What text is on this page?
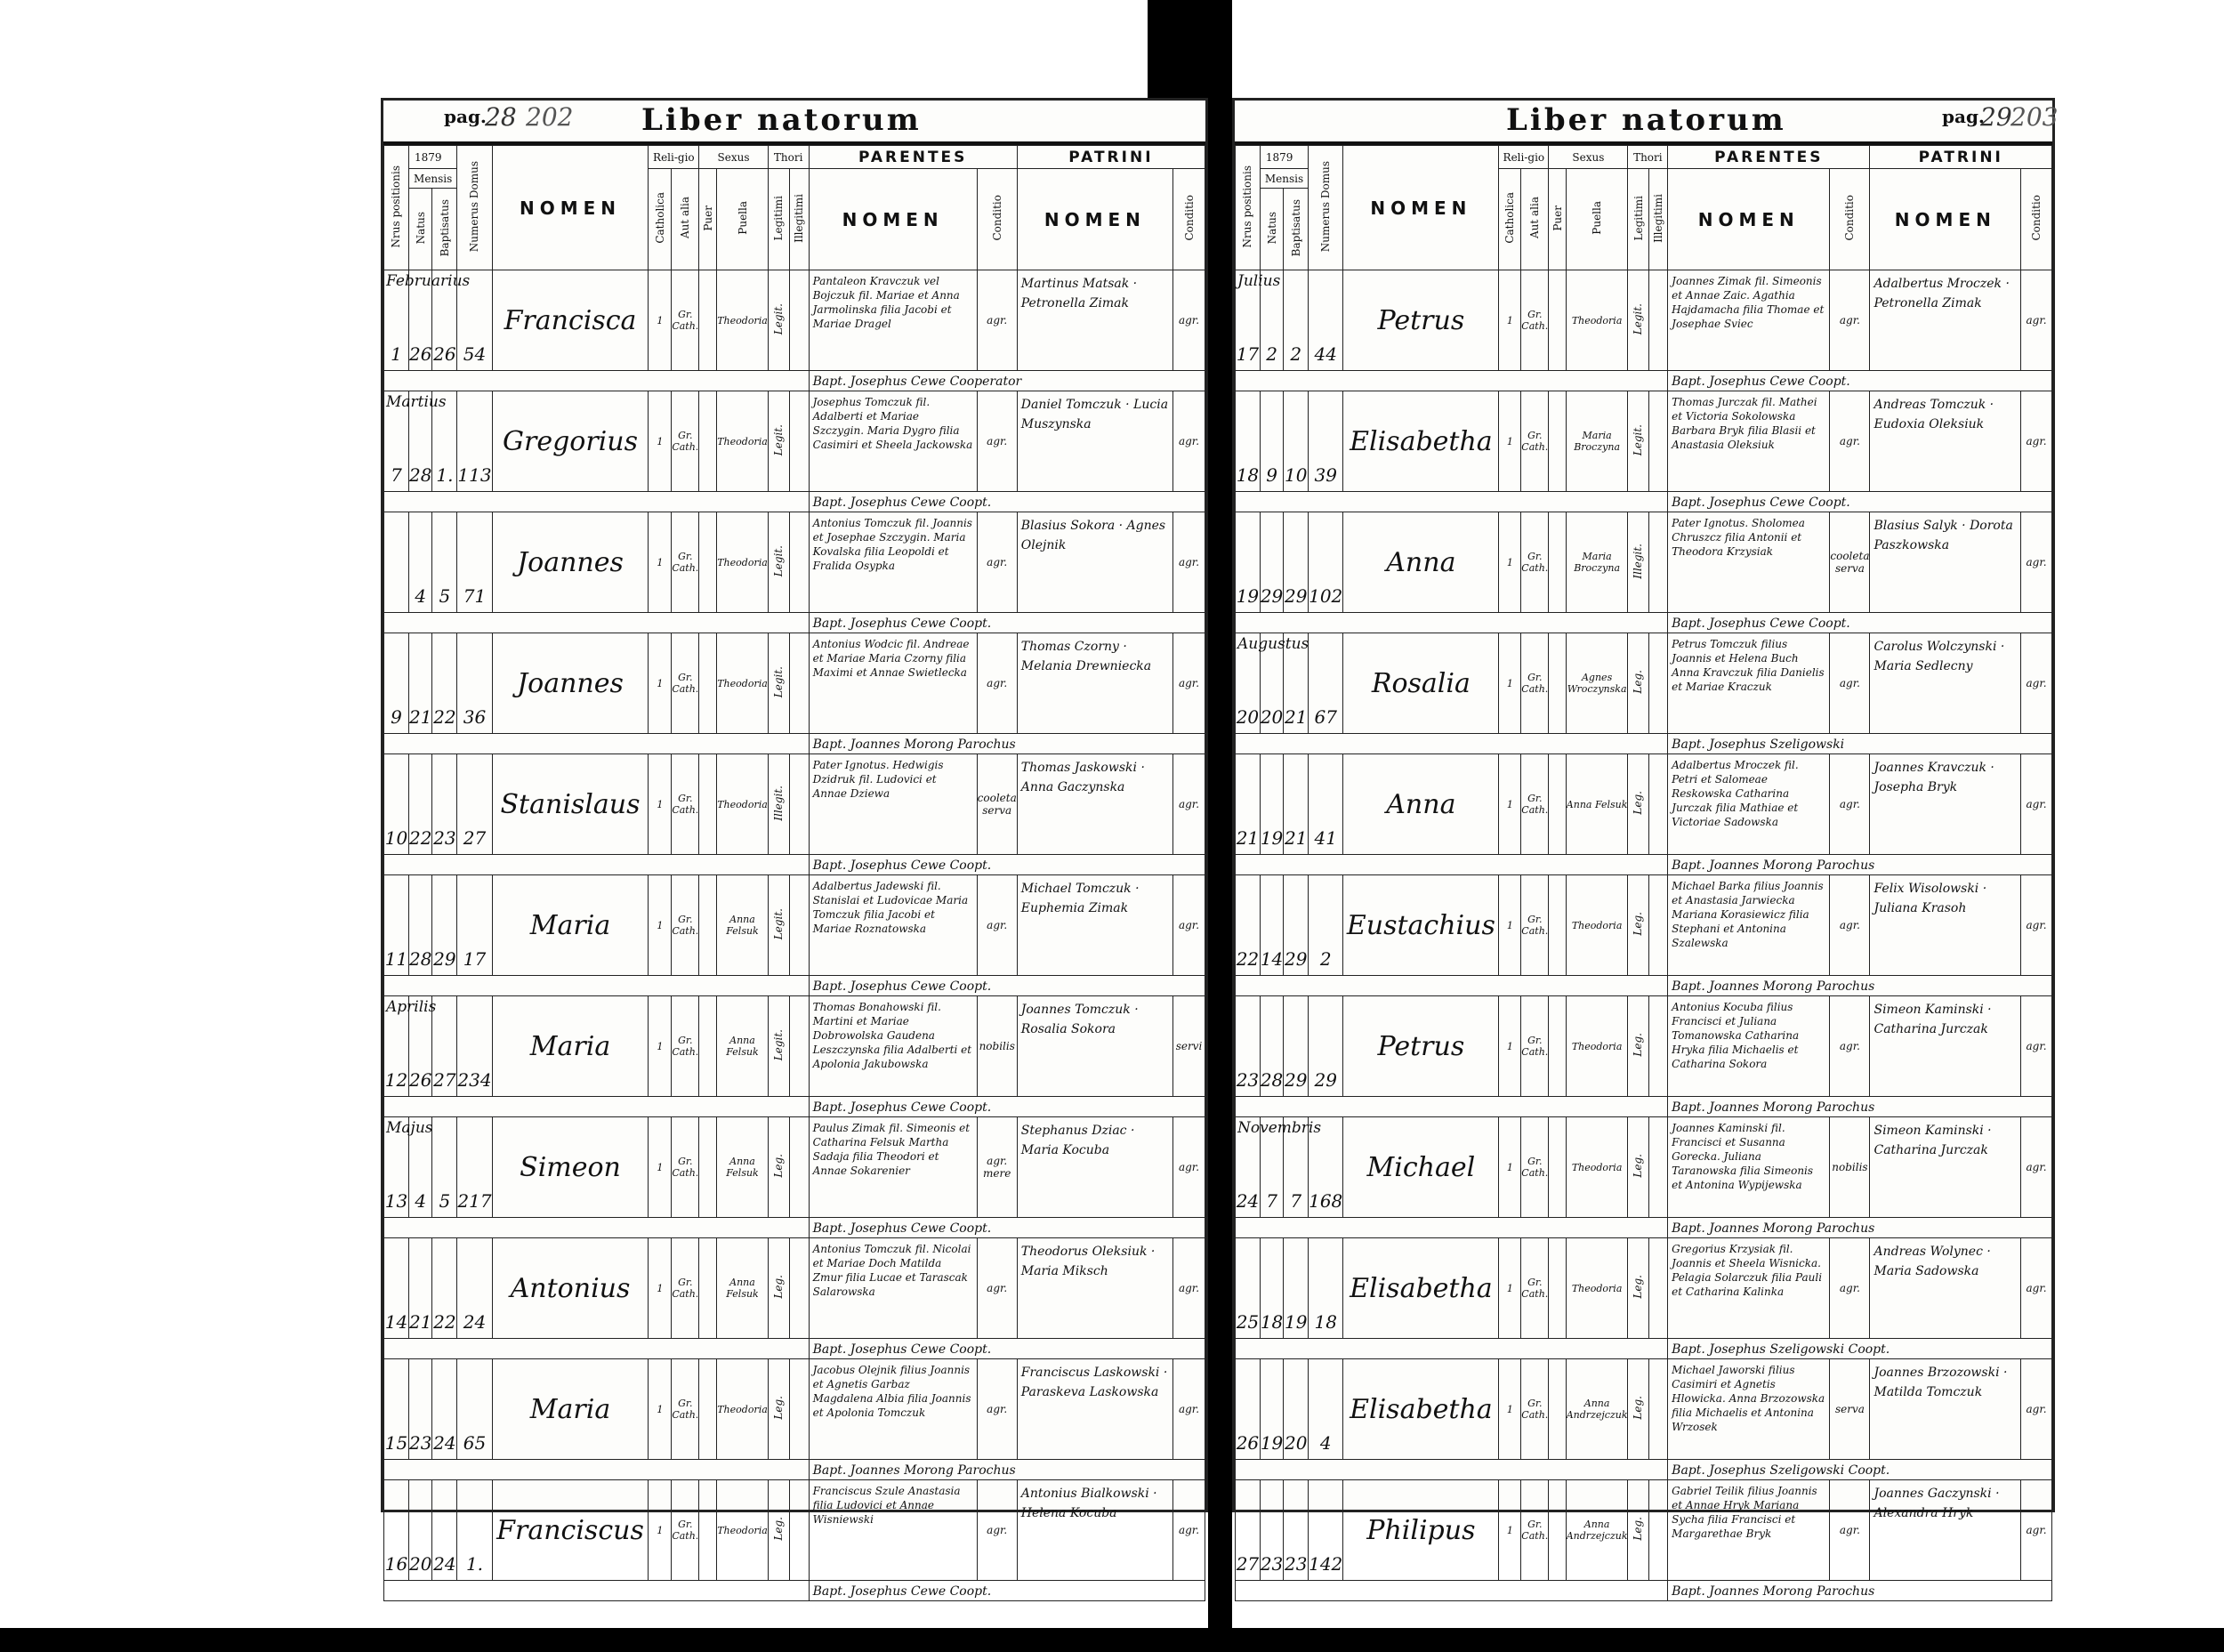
pag.
28 202 Liber natorum
Nrus positionis	1879		Numerus Domus	NOMEN	Reli-gio		Sexus		Thori		PARENTES		PATRINI	
	Mensis				Catholica	Aut alia	Puer	Puella	Legitimi	Illegitimi	NOMEN	Conditio	NOMEN	Conditio
	Natus	Baptisatus												

Februarius
1	26	26	54	Francisca	1	Gr. Cath.		Theodoria	Legit.		Pantaleon Kravczuk vel Bojczuk fil. Mariae et Anna Jarmolinska filia Jacobi et Mariae Dragel	agr.	Martinus Matsak · Petronella Zimak	agr.
											Bapt. Josephus Cewe Cooperator			

Martius
7	28	1.	113	Gregorius	1	Gr. Cath.		Theodoria	Legit.		Josephus Tomczuk fil. Adalberti et Mariae Szczygin. Maria Dygro filia Casimiri et Sheela Jackowska	agr.	Daniel Tomczuk · Lucia Muszynska	agr.
											Bapt. Josephus Cewe Coopt.			

	4	5	71	Joannes	1	Gr. Cath.		Theodoria	Legit.		Antonius Tomczuk fil. Joannis et Josephae Szczygin. Maria Kovalska filia Leopoldi et Fralida Osypka	agr.	Blasius Sokora · Agnes Olejnik	agr.
											Bapt. Josephus Cewe Coopt.			

9	21	22	36	Joannes	1	Gr. Cath.		Theodoria	Legit.		Antonius Wodcic fil. Andreae et Mariae Maria Czorny filia Maximi et Annae Swietlecka	agr.	Thomas Czorny · Melania Drewniecka	agr.
											Bapt. Joannes Morong Parochus			

10	22	23	27	Stanislaus	1	Gr. Cath.		Theodoria	Illegit.		Pater Ignotus. Hedwigis Dzidruk fil. Ludovici et Annae Dziewa	cooleta serva	Thomas Jaskowski · Anna Gaczynska	agr.
											Bapt. Josephus Cewe Coopt.			

11	28	29	17	Maria	1	Gr. Cath.		Anna Felsuk	Legit.		Adalbertus Jadewski fil. Stanislai et Ludovicae Maria Tomczuk filia Jacobi et Mariae Roznatowska	agr.	Michael Tomczuk · Euphemia Zimak	agr.
											Bapt. Josephus Cewe Coopt.			

Aprilis
12	26	27	234	Maria	1	Gr. Cath.		Anna Felsuk	Legit.		Thomas Bonahowski fil. Martini et Mariae Dobrowolska Gaudena Leszczynska filia Adalberti et Apolonia Jakubowska	nobilis	Joannes Tomczuk · Rosalia Sokora	servi
											Bapt. Josephus Cewe Coopt.			

Majus
13	4	5	217	Simeon	1	Gr. Cath.		Anna Felsuk	Leg.		Paulus Zimak fil. Simeonis et Catharina Felsuk Martha Sadaja filia Theodori et Annae Sokarenier	agr. mere	Stephanus Dziac · Maria Kocuba	agr.
											Bapt. Josephus Cewe Coopt.			

14	21	22	24	Antonius	1	Gr. Cath.		Anna Felsuk	Leg.		Antonius Tomczuk fil. Nicolai et Mariae Doch Matilda Zmur filia Lucae et Tarascak Salarowska	agr.	Theodorus Oleksiuk · Maria Miksch	agr.
											Bapt. Josephus Cewe Coopt.			

15	23	24	65	Maria	1	Gr. Cath.		Theodoria	Leg.		Jacobus Olejnik filius Joannis et Agnetis Garbaz Magdalena Albia filia Joannis et Apolonia Tomczuk	agr.	Franciscus Laskowski · Paraskeva Laskowska	agr.
											Bapt. Joannes Morong Parochus			

16	20	24	1.	Franciscus	1	Gr. Cath.		Theodoria	Leg.		Franciscus Szule Anastasia filia Ludovici et Annae Wisniewski	agr.	Antonius Bialkowski · Helena Kocuba	agr.
											Bapt. Josephus Cewe Coopt.			
Liber natorum	pag.
29
203
Nrus positionis	1879		Numerus Domus	NOMEN	Reli-gio		Sexus		Thori		PARENTES		PATRINI	
	Mensis				Catholica	Aut alia	Puer	Puella	Legitimi	Illegitimi	NOMEN	Conditio	NOMEN	Conditio
	Natus	Baptisatus												

Julius
17	2	2	44	Petrus	1	Gr. Cath.		Theodoria	Legit.		Joannes Zimak fil. Simeonis et Annae Zaic. Agathia Hajdamacha filia Thomae et Josephae Sviec	agr.	Adalbertus Mroczek · Petronella Zimak	agr.
											Bapt. Josephus Cewe Coopt.			

18	9	10	39	Elisabetha	1	Gr. Cath.		Maria Broczyna	Legit.		Thomas Jurczak fil. Mathei et Victoria Sokolowska Barbara Bryk filia Blasii et Anastasia Oleksiuk	agr.	Andreas Tomczuk · Eudoxia Oleksiuk	agr.
											Bapt. Josephus Cewe Coopt.			

19	29	29	102	Anna	1	Gr. Cath.		Maria Broczyna	Illegit.		Pater Ignotus. Sholomea Chruszcz filia Antonii et Theodora Krzysiak	cooleta serva	Blasius Salyk · Dorota Paszkowska	agr.
											Bapt. Josephus Cewe Coopt.			

Augustus
20	20	21	67	Rosalia	1	Gr. Cath.		Agnes Wroczynska	Leg.		Petrus Tomczuk filius Joannis et Helena Buch Anna Kravczuk filia Danielis et Mariae Kraczuk	agr.	Carolus Wolczynski · Maria Sedlecny	agr.
											Bapt. Josephus Szeligowski			

21	19	21	41	Anna	1	Gr. Cath.		Anna Felsuk	Leg.		Adalbertus Mroczek fil. Petri et Salomeae Reskowska Catharina Jurczak filia Mathiae et Victoriae Sadowska	agr.	Joannes Kravczuk · Josepha Bryk	agr.
											Bapt. Joannes Morong Parochus			

22	14	29	2	Eustachius	1	Gr. Cath.		Theodoria	Leg.		Michael Barka filius Joannis et Anastasia Jarwiecka Mariana Korasiewicz filia Stephani et Antonina Szalewska	agr.	Felix Wisolowski · Juliana Krasoh	agr.
											Bapt. Joannes Morong Parochus			

23	28	29	29	Petrus	1	Gr. Cath.		Theodoria	Leg.		Antonius Kocuba filius Francisci et Juliana Tomanowska Catharina Hryka filia Michaelis et Catharina Sokora	agr.	Simeon Kaminski · Catharina Jurczak	agr.
											Bapt. Joannes Morong Parochus			

Novembris
24	7	7	168	Michael	1	Gr. Cath.		Theodoria	Leg.		Joannes Kaminski fil. Francisci et Susanna Gorecka. Juliana Taranowska filia Simeonis et Antonina Wypijewska	nobilis	Simeon Kaminski · Catharina Jurczak	agr.
											Bapt. Joannes Morong Parochus			

25	18	19	18	Elisabetha	1	Gr. Cath.		Theodoria	Leg.		Gregorius Krzysiak fil. Joannis et Sheela Wisnicka. Pelagia Solarczuk filia Pauli et Catharina Kalinka	agr.	Andreas Wolynec · Maria Sadowska	agr.
											Bapt. Josephus Szeligowski Coopt.			

26	19	20	4	Elisabetha	1	Gr. Cath.		Anna Andrzejczuk	Leg.		Michael Jaworski filius Casimiri et Agnetis Hlowicka. Anna Brzozowska filia Michaelis et Antonina Wrzosek	serva	Joannes Brzozowski · Matilda Tomczuk	agr.
											Bapt. Josephus Szeligowski Coopt.			

27	23	23	142	Philipus	1	Gr. Cath.		Anna Andrzejczuk	Leg.		Gabriel Teilik filius Joannis et Annae Hryk Mariana Sycha filia Francisci et Margarethae Bryk	agr.	Joannes Gaczynski · Alexandra Hryk	agr.
											Bapt. Joannes Morong Parochus			
